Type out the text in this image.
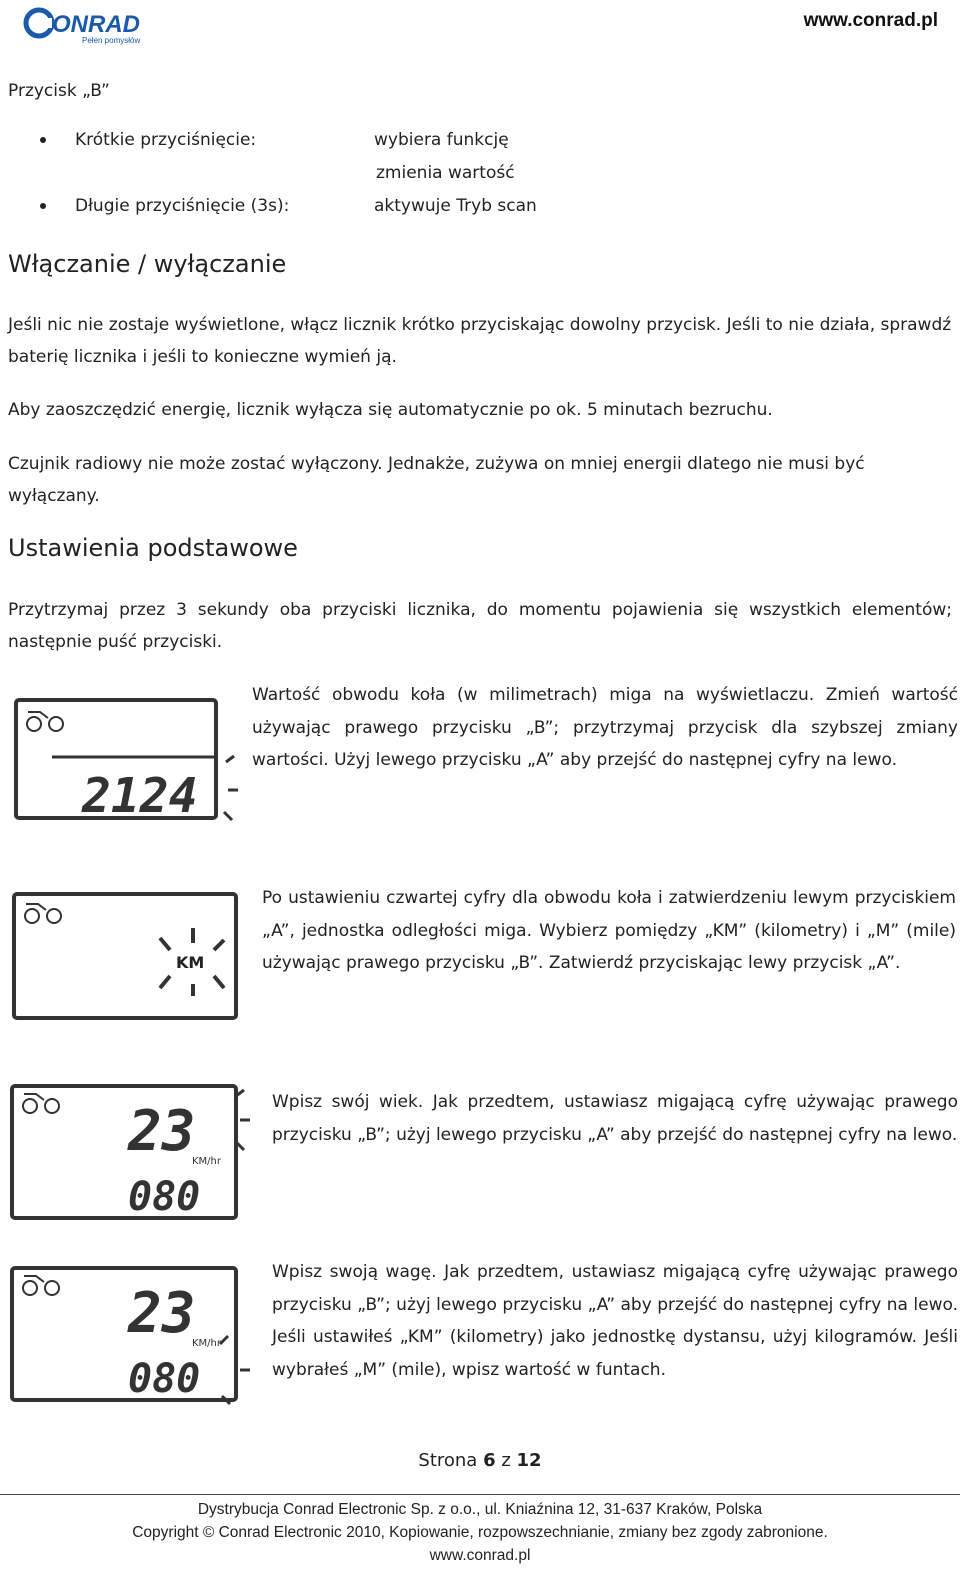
ONRAD
Pełen pomysłów
www.conrad.pl
Przycisk „B”
Krótkie przyciśnięcie:	wybiera funkcję
zmienia wartość
Długie przyciśnięcie (3s):	aktywuje Tryb scan
Włączanie / wyłączanie
Jeśli nic nie zostaje wyświetlone, włącz licznik krótko przyciskając dowolny przycisk. Jeśli to nie działa, sprawdź baterię licznika i jeśli to konieczne wymień ją.
Aby zaoszczędzić energię, licznik wyłącza się automatycznie po ok. 5 minutach bezruchu.
Czujnik radiowy nie może zostać wyłączony. Jednakże, zużywa on mniej energii dlatego nie musi być wyłączany.
Ustawienia podstawowe
Przytrzymaj przez 3 sekundy oba przyciski licznika, do momentu pojawienia się wszystkich elementów; następnie puść przyciski.
2124
Wartość obwodu koła (w milimetrach) miga na wyświetlaczu. Zmień wartość używając prawego przycisku „B”; przytrzymaj przycisk dla szybszej zmiany wartości. Użyj lewego przycisku „A” aby przejść do następnej cyfry na lewo.
KM
Po ustawieniu czwartej cyfry dla obwodu koła i zatwierdzeniu lewym przyciskiem „A”, jednostka odległości miga. Wybierz pomiędzy „KM” (kilometry) i „M” (mile) używając prawego przycisku „B”. Zatwierdź przyciskając lewy przycisk „A”.
23
KM/hr
080
Wpisz swój wiek. Jak przedtem, ustawiasz migającą cyfrę używając prawego przycisku „B”; użyj lewego przycisku „A” aby przejść do następnej cyfry na lewo.
23
KM/hr
080
Wpisz swoją wagę. Jak przedtem, ustawiasz migającą cyfrę używając prawego przycisku „B”; użyj lewego przycisku „A” aby przejść do następnej cyfry na lewo. Jeśli ustawiłeś „KM” (kilometry) jako jednostkę dystansu, użyj kilogramów. Jeśli wybrałeś „M” (mile), wpisz wartość w funtach.
Strona 6 z 12
Dystrybucja Conrad Electronic Sp. z o.o., ul. Kniaźnina 12, 31-637 Kraków, Polska
Copyright © Conrad Electronic 2010, Kopiowanie, rozpowszechnianie, zmiany bez zgody zabronione.
www.conrad.pl
